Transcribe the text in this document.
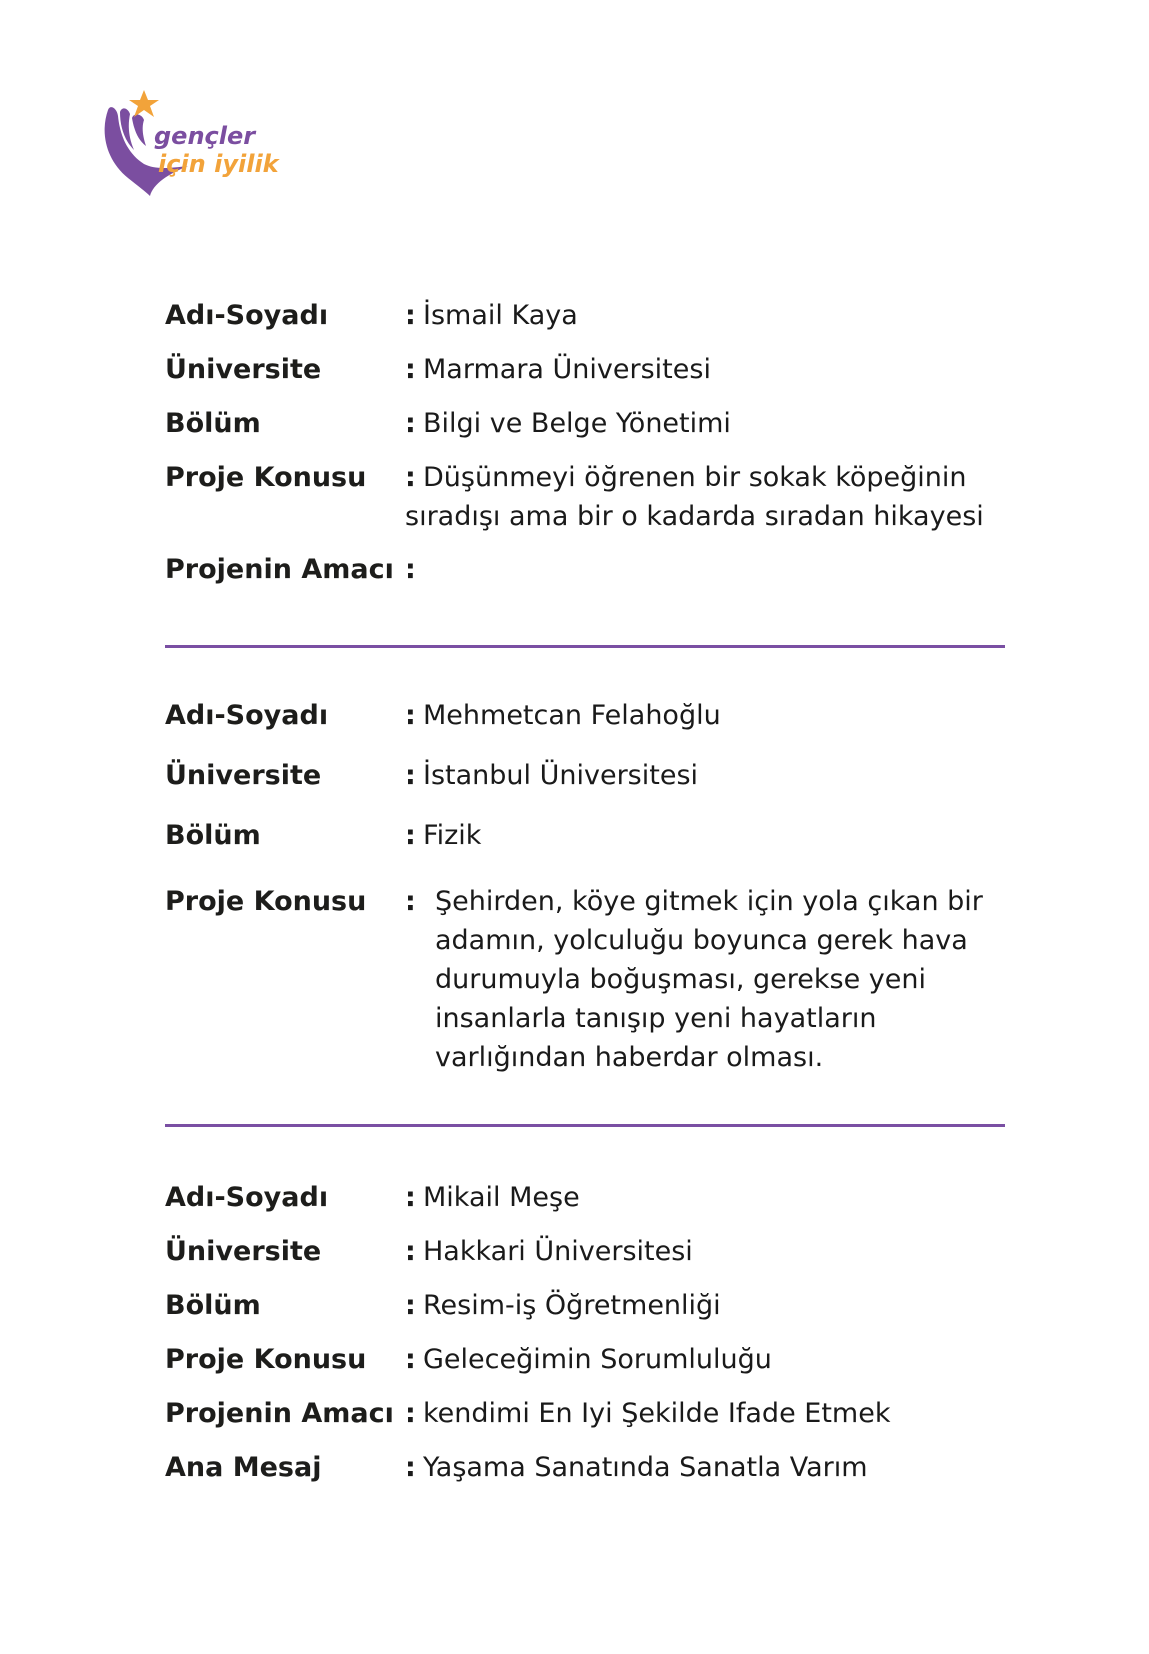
gençler
için iyilik
Adı-Soyadı	: İsmail Kaya
Üniversite	: Marmara Üniversitesi
Bölüm	: Bilgi ve Belge Yönetimi
Proje Konusu : Düşünmeyi öğrenen bir sokak köpeğinin sıradışı ama bir o kadarda sıradan hikayesi
Projenin Amacı :
Adı-Soyadı	: Mehmetcan Felahoğlu
Üniversite	: İstanbul Üniversitesi
Bölüm	: Fizik
Proje Konusu : Şehirden, köye gitmek için yola çıkan bir adamın, yolculuğu boyunca gerek hava durumuyla boğuşması, gerekse yeni insanlarla tanışıp yeni hayatların varlığından haberdar olması.
Adı-Soyadı	: Mikail Meşe
Üniversite	: Hakkari Üniversitesi
Bölüm	: Resim-iş Öğretmenliği
Proje Konusu : Geleceğimin Sorumluluğu
Projenin Amacı : kendimi En Iyi Şekilde Ifade Etmek
Ana Mesaj	: Yaşama Sanatında Sanatla Varım
